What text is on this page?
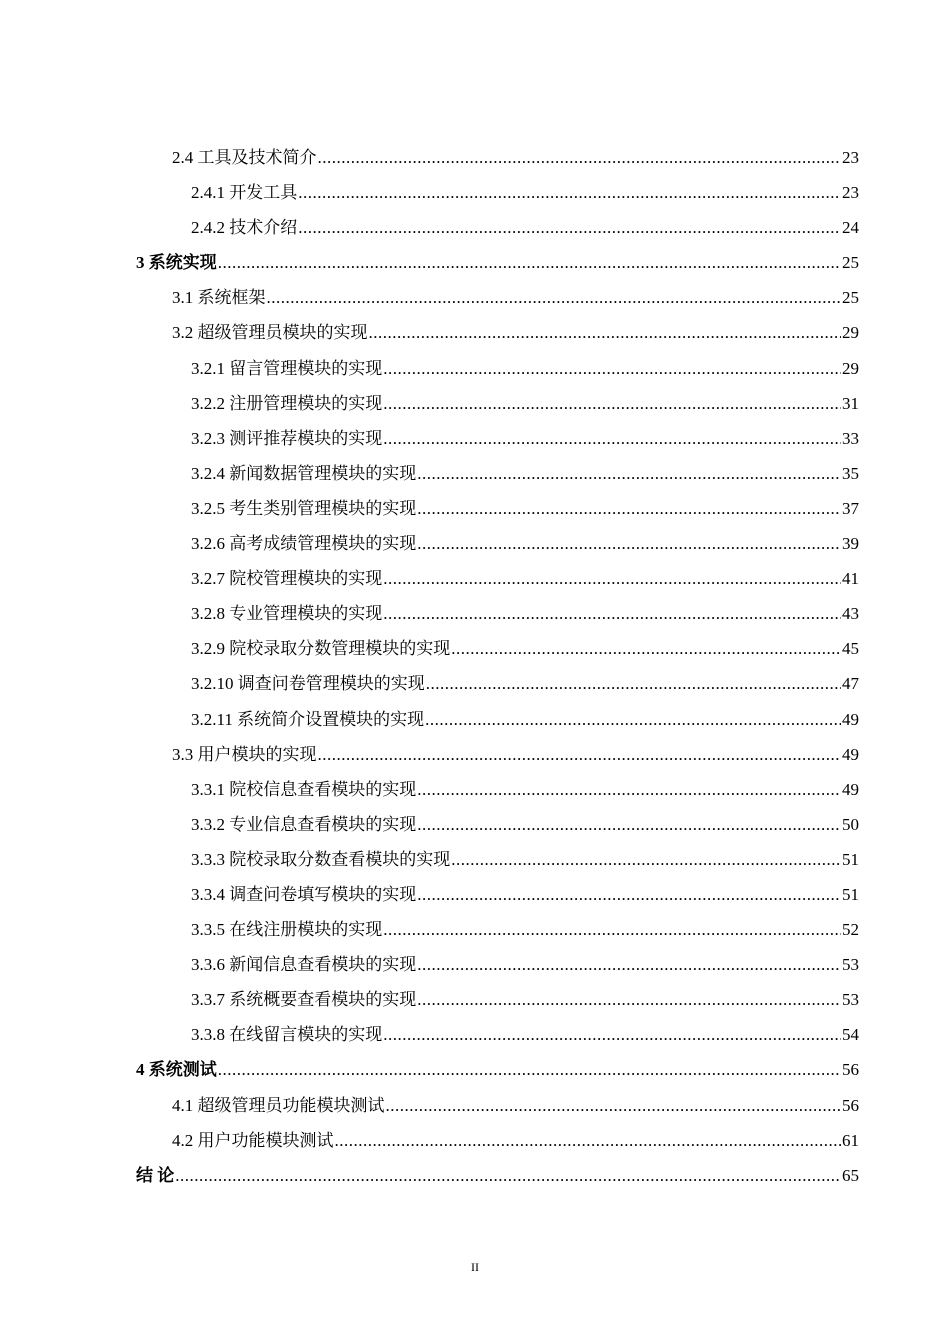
2.4 工具及技术简介 .....	23
2.4.1 开发工具 .....	23
2.4.2 技术介绍 .....	24
3 系统实现 .....	25
3.1 系统框架 .....	25
3.2 超级管理员模块的实现 .....	29
3.2.1 留言管理模块的实现 .....	29
3.2.2 注册管理模块的实现 .....	31
3.2.3 测评推荐模块的实现 .....	33
3.2.4 新闻数据管理模块的实现 .....	35
3.2.5 考生类别管理模块的实现 .....	37
3.2.6 高考成绩管理模块的实现 .....	39
3.2.7 院校管理模块的实现 .....	41
3.2.8 专业管理模块的实现 .....	43
3.2.9 院校录取分数管理模块的实现 .....	45
3.2.10 调查问卷管理模块的实现 .....	47
3.2.11 系统简介设置模块的实现 .....	49
3.3 用户模块的实现 .....	49
3.3.1 院校信息查看模块的实现 .....	49
3.3.2 专业信息查看模块的实现 .....	50
3.3.3 院校录取分数查看模块的实现 .....	51
3.3.4 调查问卷填写模块的实现 .....	51
3.3.5 在线注册模块的实现 .....	52
3.3.6 新闻信息查看模块的实现 .....	53
3.3.7 系统概要查看模块的实现 .....	53
3.3.8 在线留言模块的实现 .....	54
4 系统测试 .....	56
4.1 超级管理员功能模块测试 .....	56
4.2 用户功能模块测试 .....	61
结 论 .....	65
II
